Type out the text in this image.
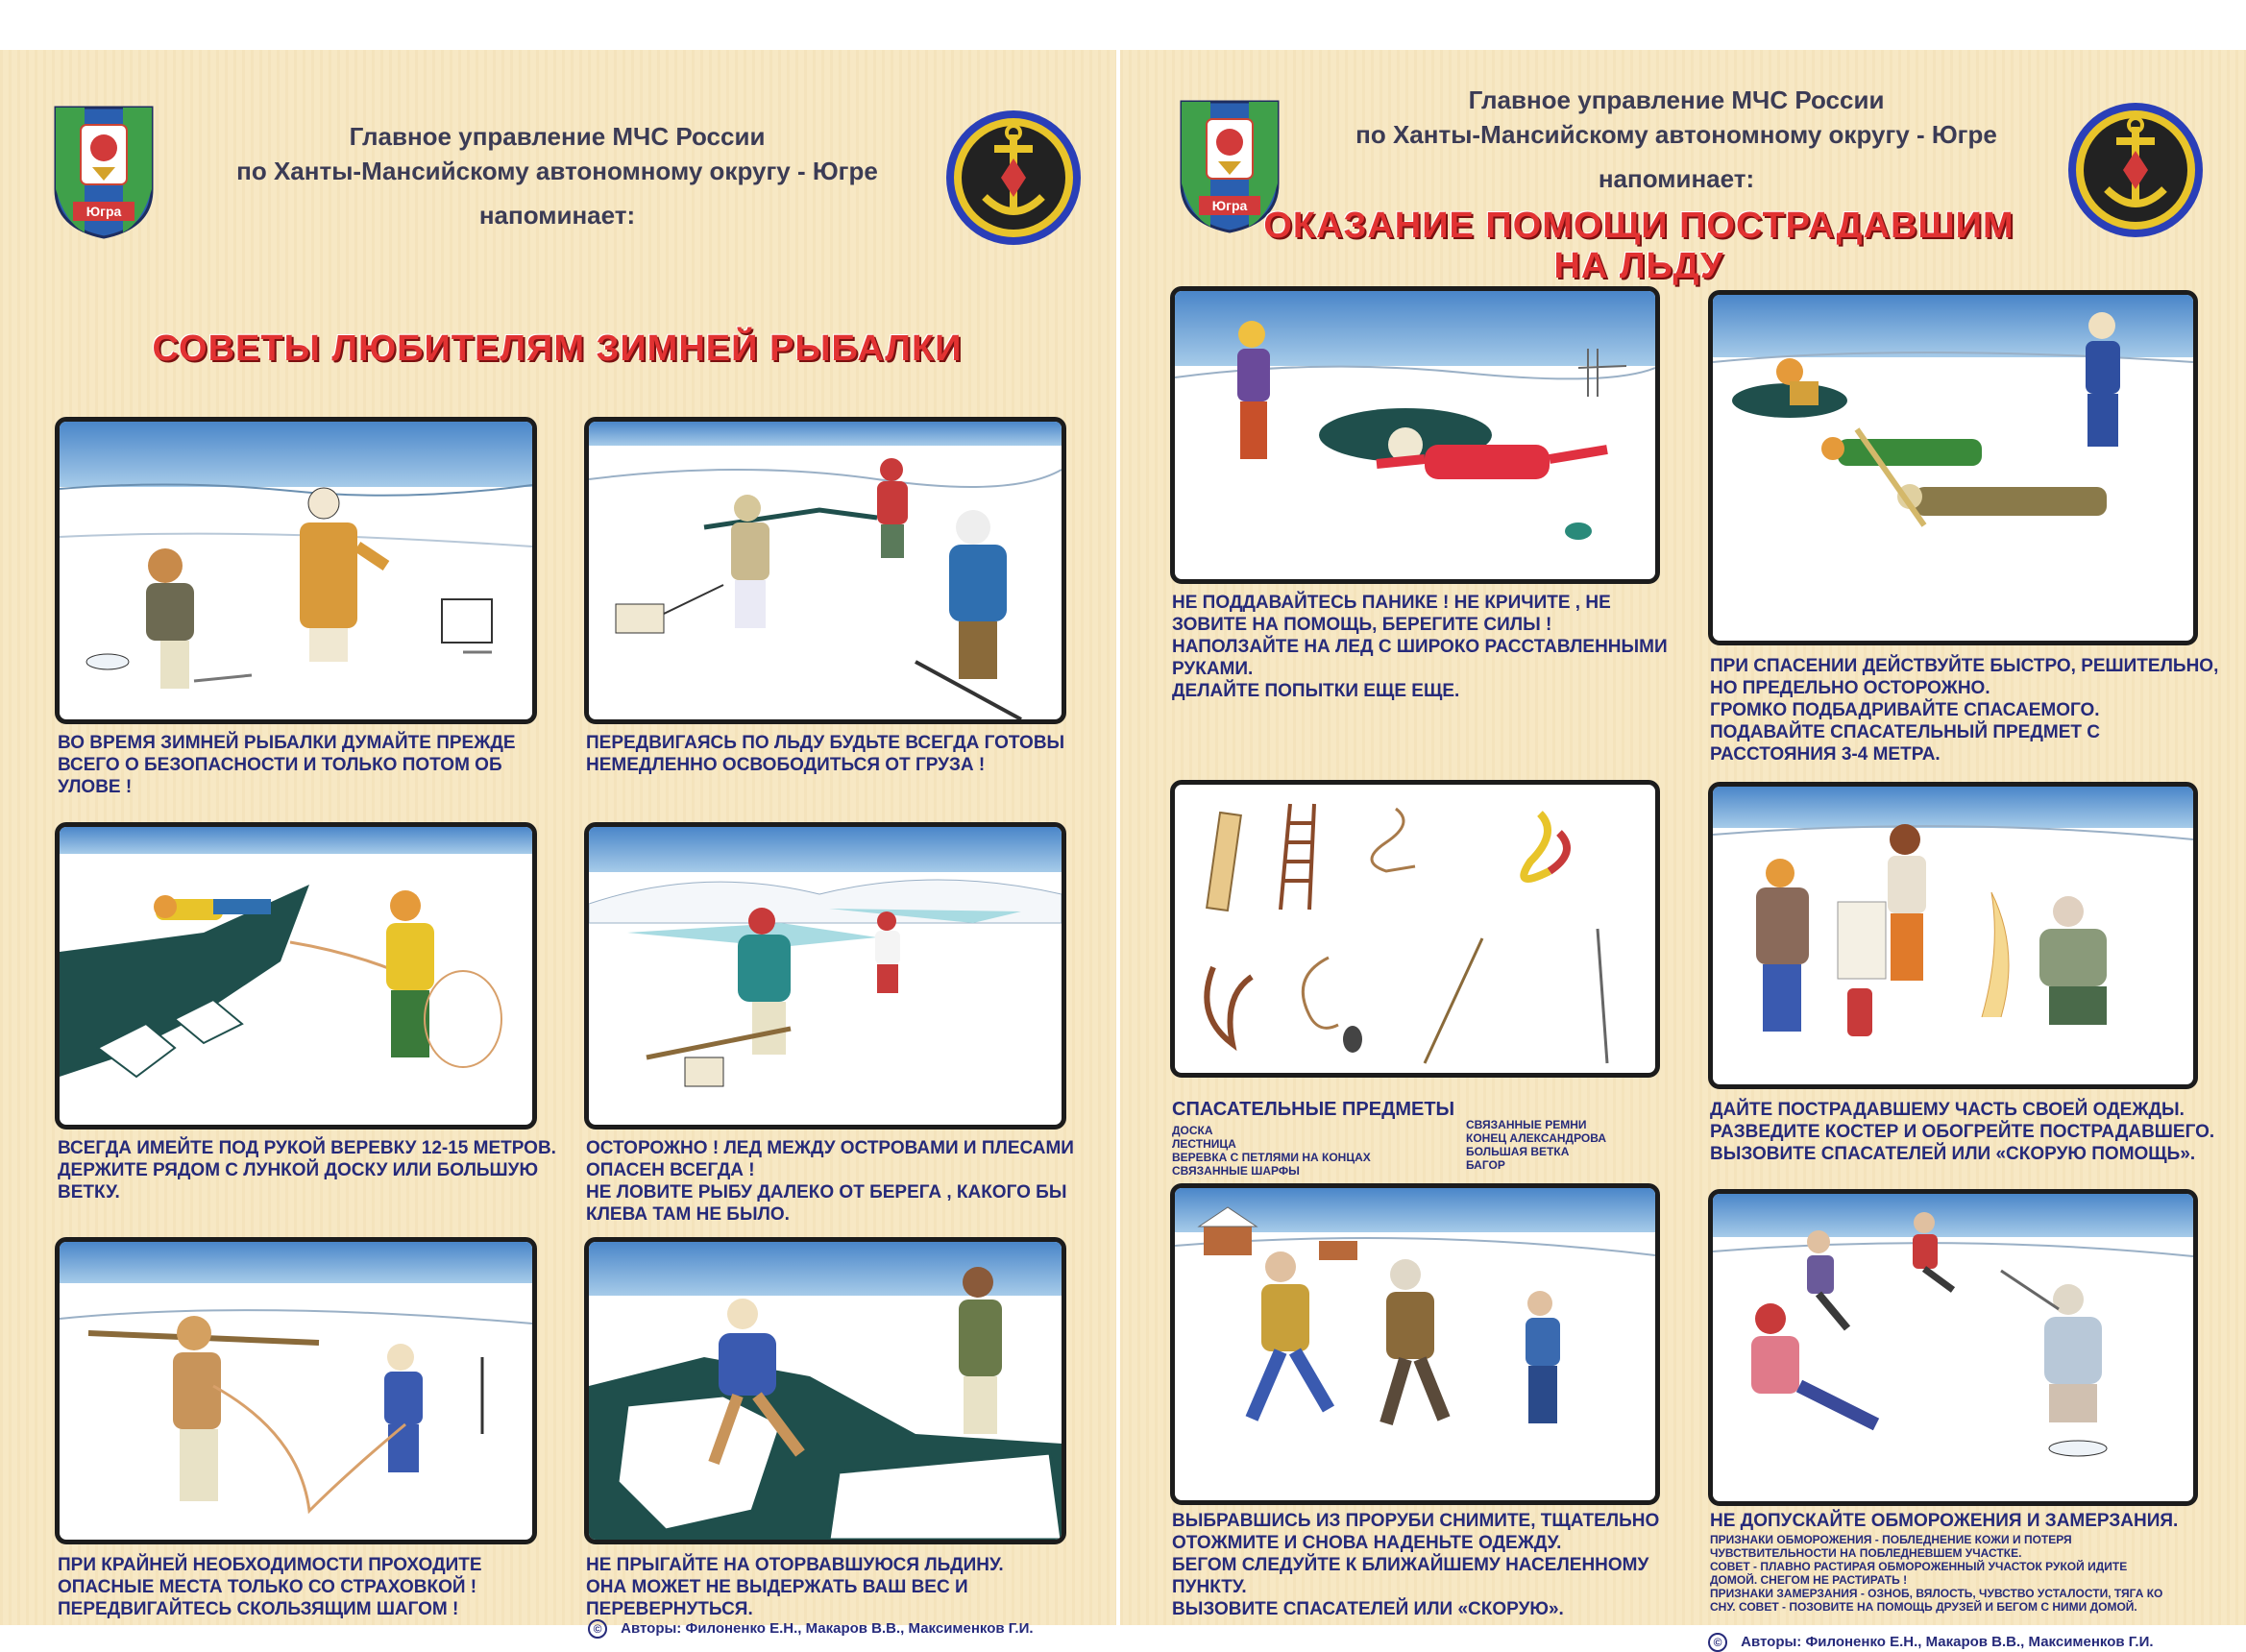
Югра
Главное управление МЧС России
по Ханты-Мансийскому автономному округу - Югре
напоминает:
СОВЕТЫ ЛЮБИТЕЛЯМ ЗИМНЕЙ РЫБАЛКИ
ВО ВРЕМЯ ЗИМНЕЙ РЫБАЛКИ ДУМАЙТЕ ПРЕЖДЕ
ВСЕГО О БЕЗОПАСНОСТИ И ТОЛЬКО ПОТОМ ОБ
УЛОВЕ !
ПЕРЕДВИГАЯСЬ ПО ЛЬДУ БУДЬТЕ ВСЕГДА ГОТОВЫ
НЕМЕДЛЕННО ОСВОБОДИТЬСЯ ОТ ГРУЗА !
ВСЕГДА ИМЕЙТЕ ПОД РУКОЙ ВЕРЕВКУ 12-15 МЕТРОВ.
ДЕРЖИТЕ РЯДОМ С ЛУНКОЙ ДОСКУ ИЛИ БОЛЬШУЮ
ВЕТКУ.
ОСТОРОЖНО ! ЛЕД МЕЖДУ ОСТРОВАМИ И ПЛЕСАМИ
ОПАСЕН ВСЕГДА !
НЕ ЛОВИТЕ РЫБУ ДАЛЕКО ОТ БЕРЕГА , КАКОГО БЫ
КЛЕВА ТАМ НЕ БЫЛО.
ПРИ КРАЙНЕЙ НЕОБХОДИМОСТИ ПРОХОДИТЕ
ОПАСНЫЕ МЕСТА ТОЛЬКО СО СТРАХОВКОЙ !
ПЕРЕДВИГАЙТЕСЬ СКОЛЬЗЯЩИМ ШАГОМ !
НЕ ПРЫГАЙТЕ НА ОТОРВАВШУЮСЯ ЛЬДИНУ.
ОНА МОЖЕТ НЕ ВЫДЕРЖАТЬ ВАШ ВЕС И ПЕРЕВЕРНУТЬСЯ.
© Авторы: Филоненко Е.Н., Макаров В.В., Максименков Г.И.
Югра
Главное управление МЧС России
по Ханты-Мансийскому автономному округу - Югре
напоминает:
ОКАЗАНИЕ ПОМОЩИ ПОСТРАДАВШИМ
НА ЛЬДУ
НЕ ПОДДАВАЙТЕСЬ ПАНИКЕ ! НЕ КРИЧИТЕ , НЕ
ЗОВИТЕ НА ПОМОЩЬ, БЕРЕГИТЕ СИЛЫ !
НАПОЛЗАЙТЕ НА ЛЕД С ШИРОКО РАССТАВЛЕННЫМИ
РУКАМИ.
ДЕЛАЙТЕ ПОПЫТКИ ЕЩЕ ЕЩЕ.
ПРИ СПАСЕНИИ ДЕЙСТВУЙТЕ БЫСТРО, РЕШИТЕЛЬНО,
НО ПРЕДЕЛЬНО ОСТОРОЖНО.
ГРОМКО ПОДБАДРИВАЙТЕ СПАСАЕМОГО.
ПОДАВАЙТЕ СПАСАТЕЛЬНЫЙ ПРЕДМЕТ С
РАССТОЯНИЯ 3-4 МЕТРА.
СПАСАТЕЛЬНЫЕ ПРЕДМЕТЫ
ДОСКА
ЛЕСТНИЦА
ВЕРЕВКА С ПЕТЛЯМИ НА КОНЦАХ
СВЯЗАННЫЕ ШАРФЫ
СВЯЗАННЫЕ РЕМНИ
КОНЕЦ АЛЕКСАНДРОВА
БОЛЬШАЯ ВЕТКА
БАГОР
ДАЙТЕ ПОСТРАДАВШЕМУ ЧАСТЬ СВОЕЙ ОДЕЖДЫ.
РАЗВЕДИТЕ КОСТЕР И ОБОГРЕЙТЕ ПОСТРАДАВШЕГО.
ВЫЗОВИТЕ СПАСАТЕЛЕЙ ИЛИ «СКОРУЮ ПОМОЩЬ».
ВЫБРАВШИСЬ ИЗ ПРОРУБИ СНИМИТЕ, ТЩАТЕЛЬНО
ОТОЖМИТЕ И СНОВА НАДЕНЬТЕ ОДЕЖДУ.
БЕГОМ СЛЕДУЙТЕ К БЛИЖАЙШЕМУ НАСЕЛЕННОМУ
ПУНКТУ.
ВЫЗОВИТЕ СПАСАТЕЛЕЙ ИЛИ «СКОРУЮ».
НЕ ДОПУСКАЙТЕ ОБМОРОЖЕНИЯ И ЗАМЕРЗАНИЯ.
ПРИЗНАКИ ОБМОРОЖЕНИЯ - ПОБЛЕДНЕНИЕ КОЖИ И ПОТЕРЯ
ЧУВСТВИТЕЛЬНОСТИ НА ПОБЛЕДНЕВШЕМ УЧАСТКЕ.
СОВЕТ - ПЛАВНО РАСТИРАЯ ОБМОРОЖЕННЫЙ УЧАСТОК РУКОЙ ИДИТЕ
ДОМОЙ. СНЕГОМ НЕ РАСТИРАТЬ !
ПРИЗНАКИ ЗАМЕРЗАНИЯ - ОЗНОБ, ВЯЛОСТЬ, ЧУВСТВО УСТАЛОСТИ, ТЯГА КО
СНУ. СОВЕТ - ПОЗОВИТЕ НА ПОМОЩЬ ДРУЗЕЙ И БЕГОМ С НИМИ ДОМОЙ.
© Авторы: Филоненко Е.Н., Макаров В.В., Максименков Г.И.
